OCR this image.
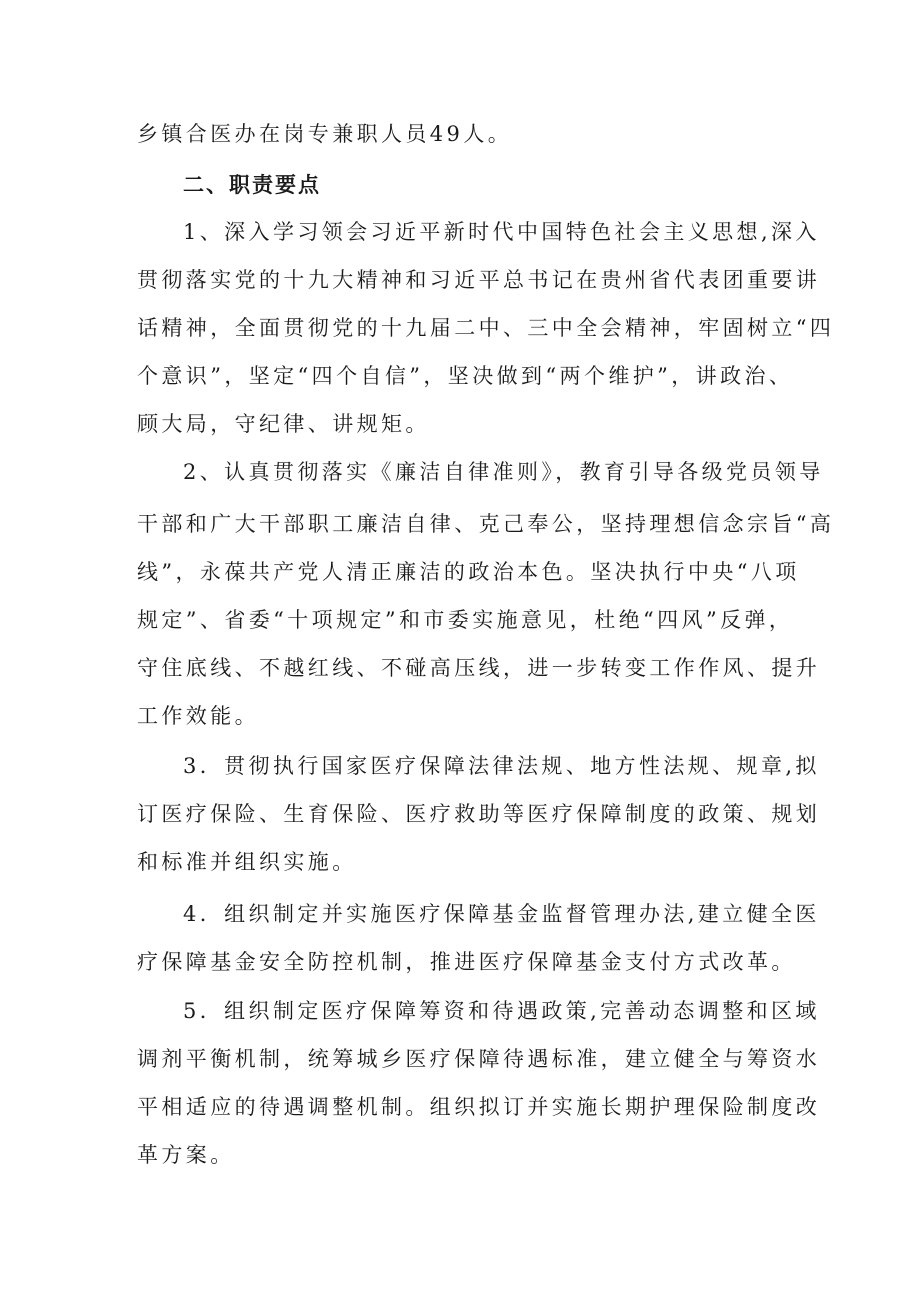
乡镇合医办在岗专兼职人员49人。
二、职责要点
1、深入学习领会习近平新时代中国特色社会主义思想,深入
贯彻落实党的十九大精神和习近平总书记在贵州省代表团重要讲
话精神，全面贯彻党的十九届二中、三中全会精神，牢固树立“四
个意识”，坚定“四个自信”，坚决做到“两个维护”，讲政治、
顾大局，守纪律、讲规矩。
2、认真贯彻落实《廉洁自律准则》，教育引导各级党员领导
干部和广大干部职工廉洁自律、克己奉公，坚持理想信念宗旨“高
线”，永葆共产党人清正廉洁的政治本色。坚决执行中央“八项
规定”、省委“十项规定”和市委实施意见，杜绝“四风”反弹，
守住底线、不越红线、不碰高压线，进一步转变工作作风、提升
工作效能。
3．贯彻执行国家医疗保障法律法规、地方性法规、规章,拟
订医疗保险、生育保险、医疗救助等医疗保障制度的政策、规划
和标准并组织实施。
4．组织制定并实施医疗保障基金监督管理办法,建立健全医
疗保障基金安全防控机制，推进医疗保障基金支付方式改革。
5．组织制定医疗保障筹资和待遇政策,完善动态调整和区域
调剂平衡机制，统筹城乡医疗保障待遇标准，建立健全与筹资水
平相适应的待遇调整机制。组织拟订并实施长期护理保险制度改
革方案。
